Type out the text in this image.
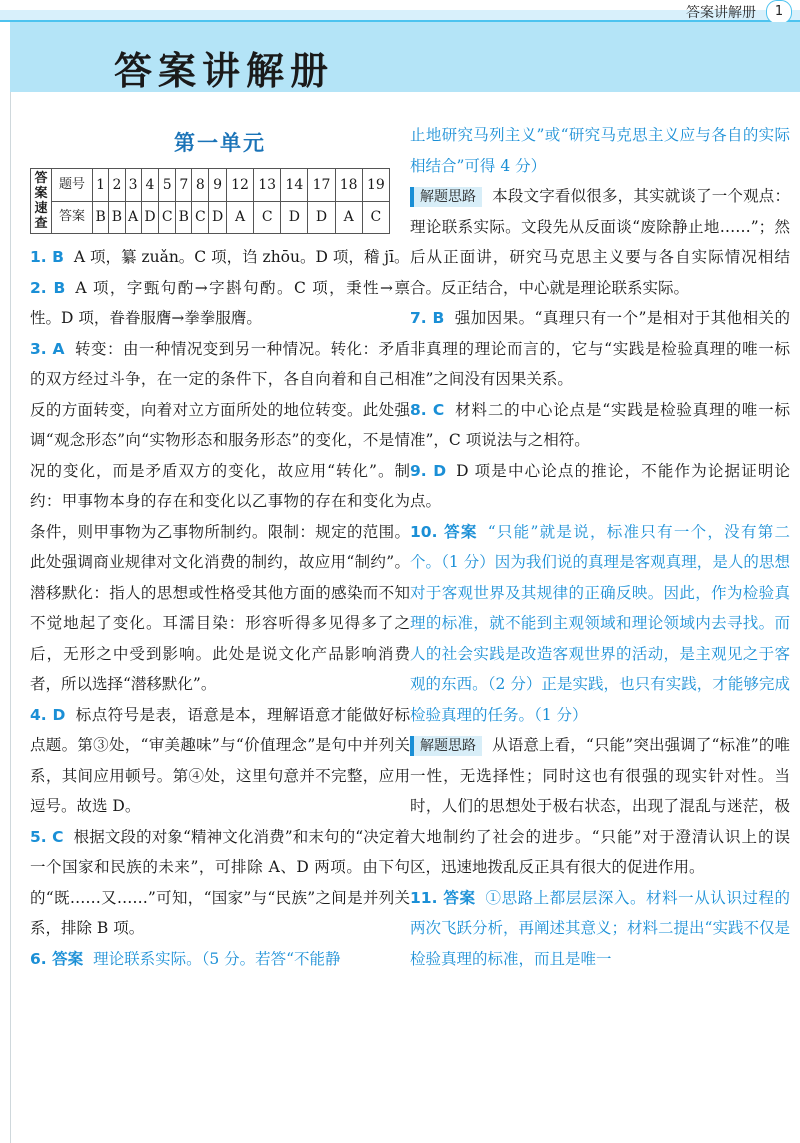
答案讲解册	1
答案讲解册
第一单元
答案速查	题号	1	2	3	4	5	7	8	9	12	13	14	17	18	19
	答案	B	B	A	D	C	B	C	D	A	C	D	D	A	C

1. B A 项，纂 zuǎn。C 项，诌 zhōu。D 项，稽 jī。

2. B A 项，字甄句酌→字斟句酌。C 项，秉性→禀性。D 项，眷眷服膺→拳拳服膺。

3. A 转变：由一种情况变到另一种情况。转化：矛盾的双方经过斗争，在一定的条件下，各自向着和自己相反的方面转变，向着对立方面所处的地位转变。此处强调“观念形态”向“实物形态和服务形态”的变化，不是情况的变化，而是矛盾双方的变化，故应用“转化”。制约：甲事物本身的存在和变化以乙事物的存在和变化为条件，则甲事物为乙事物所制约。限制：规定的范围。此处强调商业规律对文化消费的制约，故应用“制约”。潜移默化：指人的思想或性格受其他方面的感染而不知不觉地起了变化。耳濡目染：形容听得多见得多了之后，无形之中受到影响。此处是说文化产品影响消费者，所以选择“潜移默化”。

4. D 标点符号是表，语意是本，理解语意才能做好标点题。第③处，“审美趣味”与“价值理念”是句中并列关系，其间应用顿号。第④处，这里句意并不完整，应用逗号。故选 D。

5. C 根据文段的对象“精神文化消费”和末句的“决定着一个国家和民族的未来”，可排除 A、D 两项。由下句的“既……又……”可知，“国家”与“民族”之间是并列关系，排除 B 项。

6. 答案 理论联系实际。（5 分。若答“不能静

止地研究马列主义”或“研究马克思主义应与各自的实际相结合”可得 4 分）

解题思路 本段文字看似很多，其实就谈了一个观点：理论联系实际。文段先从反面谈“废除静止地……”；然后从正面讲，研究马克思主义要与各自实际情况相结合。反正结合，中心就是理论联系实际。

7. B 强加因果。“真理只有一个”是相对于其他相关的非真理的理论而言的，它与“实践是检验真理的唯一标准”之间没有因果关系。

8. C 材料二的中心论点是“实践是检验真理的唯一标准”，C 项说法与之相符。

9. D D 项是中心论点的推论，不能作为论据证明论点。

10. 答案 “只能”就是说，标准只有一个，没有第二个。（1 分）因为我们说的真理是客观真理，是人的思想对于客观世界及其规律的正确反映。因此，作为检验真理的标准，就不能到主观领域和理论领域内去寻找。而人的社会实践是改造客观世界的活动，是主观见之于客观的东西。（2 分）正是实践，也只有实践，才能够完成检验真理的任务。（1 分）

解题思路 从语意上看，“只能”突出强调了“标准”的唯一性，无选择性；同时这也有很强的现实针对性。当时，人们的思想处于极右状态，出现了混乱与迷茫，极大地制约了社会的进步。“只能”对于澄清认识上的误区，迅速地拨乱反正具有很大的促进作用。

11. 答案 ①思路上都层层深入。材料一从认识过程的两次飞跃分析，再阐述其意义；材料二提出“实践不仅是检验真理的标准，而且是唯一
